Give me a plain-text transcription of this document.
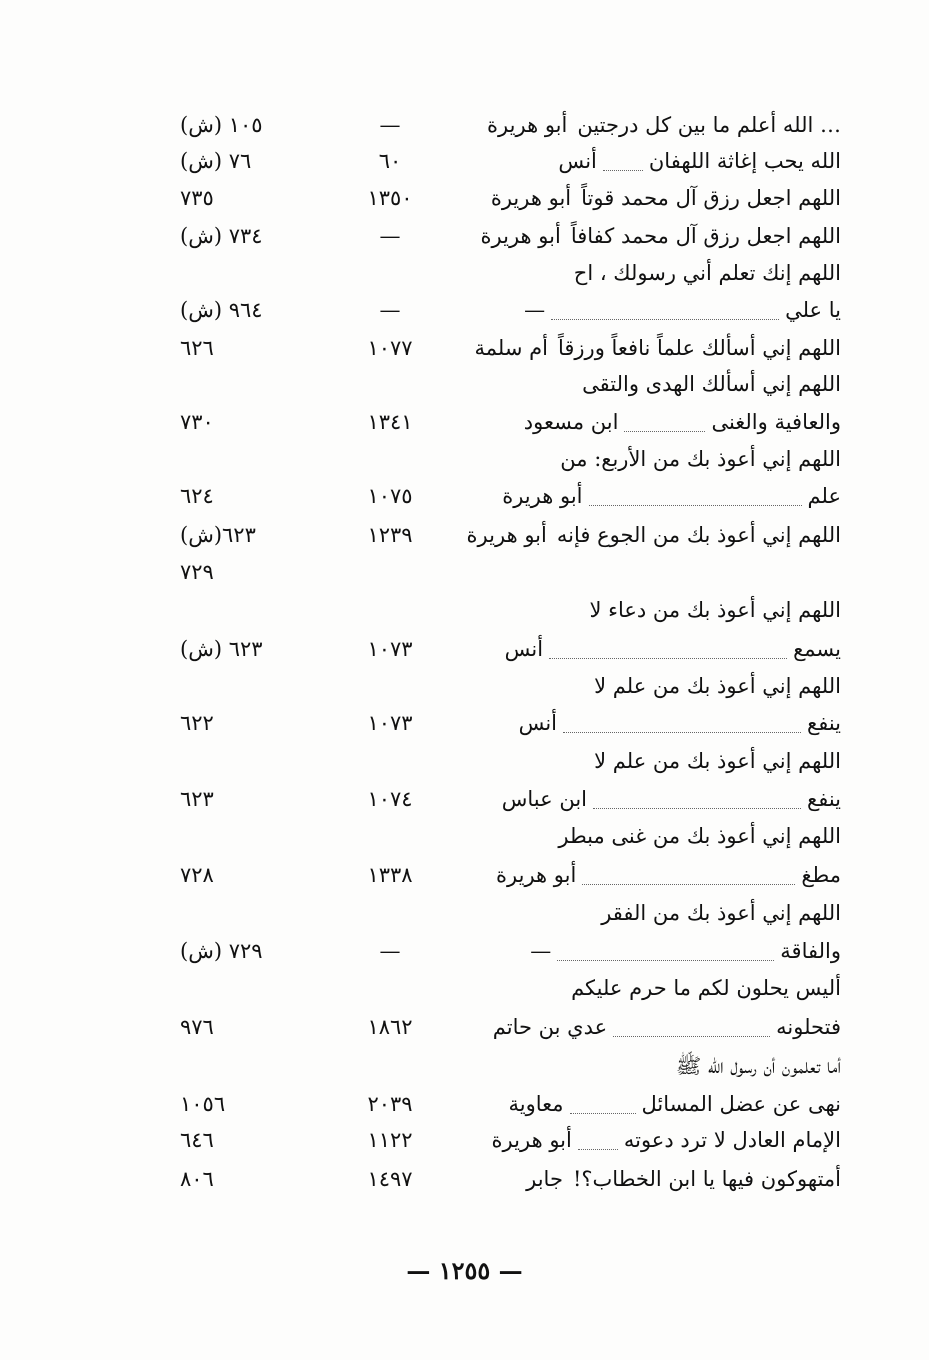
… الله أعلم ما بين كل درجتين
أبو هريرة
—
١٠٥ (ش)
الله يحب إغاثة اللهفان
أنس
٦٠
٧٦ (ش)
اللهم اجعل رزق آل محمد قوتاً
أبو هريرة
١٣٥٠
٧٣٥
اللهم اجعل رزق آل محمد كفافاً
أبو هريرة
—
٧٣٤ (ش)
اللهم إنك تعلم أني رسولك ، اح
يا علي
—
—
٩٦٤ (ش)
اللهم إني أسألك علماً نافعاً ورزقاً
أم سلمة
١٠٧٧
٦٢٦
اللهم إني أسألك الهدى والتقى
والعافية والغنى
ابن مسعود
١٣٤١
٧٣٠
اللهم إني أعوذ بك من الأربع: من
علم
أبو هريرة
١٠٧٥
٦٢٤
اللهم إني أعوذ بك من الجوع فإنه
أبو هريرة
١٢٣٩
٦٢٣(ش)
٧٢٩
اللهم إني أعوذ بك من دعاء لا
يسمع
أنس
١٠٧٣
٦٢٣ (ش)
اللهم إني أعوذ بك من علم لا
ينفع
أنس
١٠٧٣
٦٢٢
اللهم إني أعوذ بك من علم لا
ينفع
ابن عباس
١٠٧٤
٦٢٣
اللهم إني أعوذ بك من غنى مبطر
مطغ
أبو هريرة
١٣٣٨
٧٢٨
اللهم إني أعوذ بك من الفقر
والفاقة
—
—
٧٢٩ (ش)
أليس يحلون لكم ما حرم عليكم
فتحلونه
عدي بن حاتم
١٨٦٢
٩٧٦
أما تعلمون أن رسول الله ﷺ
نهى عن عضل المسائل
معاوية
٢٠٣٩
١٠٥٦
الإمام العادل لا ترد دعوته
أبو هريرة
١١٢٢
٦٤٦
أمتهوكون فيها يا ابن الخطاب؟!
جابر
١٤٩٧
٨٠٦
— ١٢٥٥ —
